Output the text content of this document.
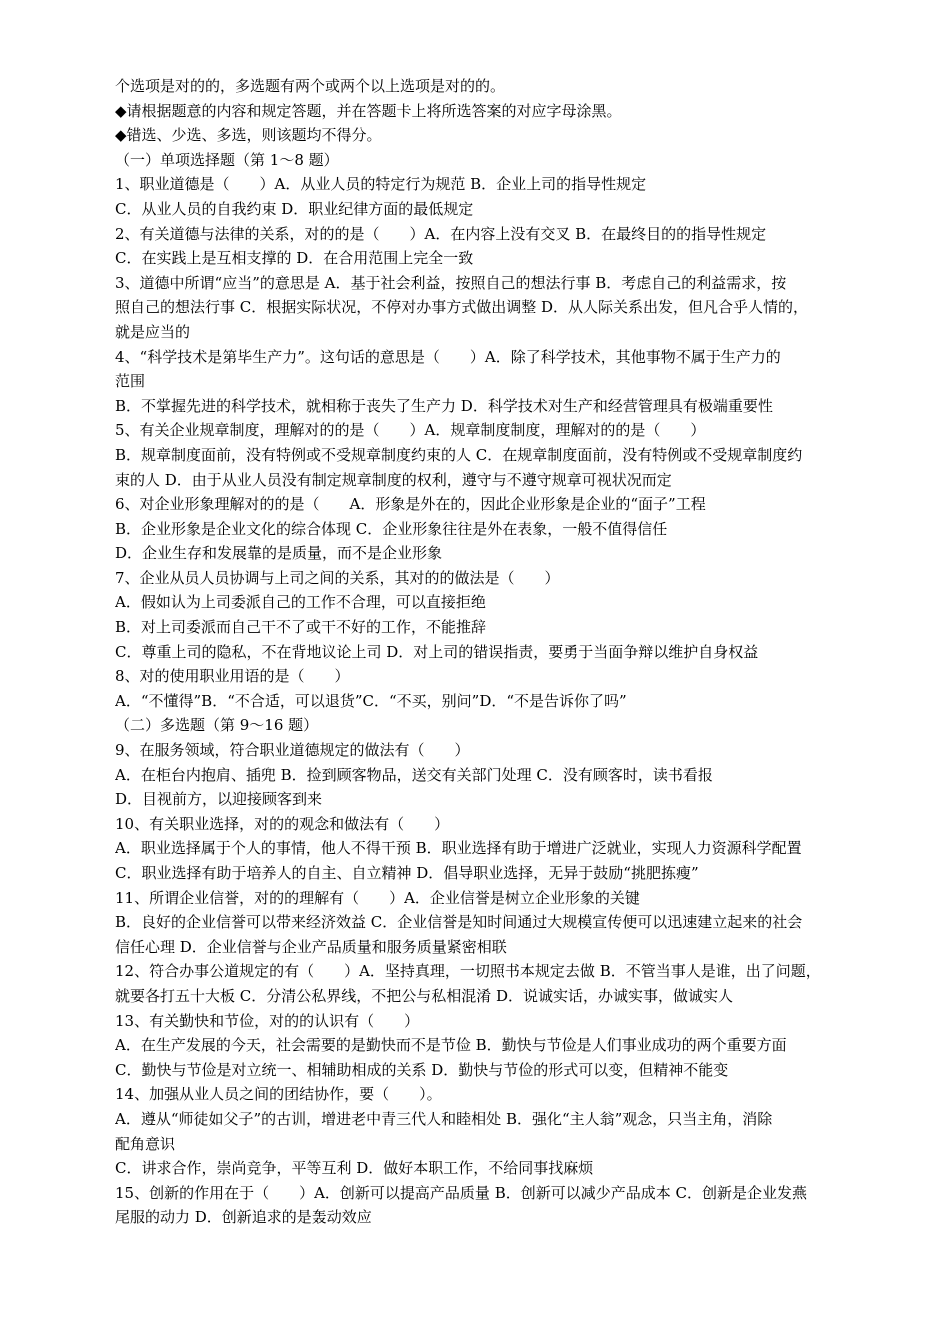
个选项是对的的，多选题有两个或两个以上选项是对的的。
◆请根据题意的内容和规定答题，并在答题卡上将所选答案的对应字母涂黑。
◆错选、少选、多选，则该题均不得分。
（一）单项选择题（第 1～8 题）
1、职业道德是（　　）A．从业人员的特定行为规范 B．企业上司的指导性规定
C．从业人员的自我约束 D．职业纪律方面的最低规定
2、有关道德与法律的关系，对的的是（　　）A．在内容上没有交叉 B．在最终目的的指导性规定
C．在实践上是互相支撑的 D．在合用范围上完全一致
3、道德中所谓“应当”的意思是 A．基于社会利益，按照自己的想法行事 B．考虑自己的利益需求，按
照自己的想法行事 C．根据实际状况，不停对办事方式做出调整 D．从人际关系出发，但凡合乎人情的，
就是应当的
4、“科学技术是第毕生产力”。这句话的意思是（　　）A．除了科学技术，其他事物不属于生产力的
范围
B．不掌握先进的科学技术，就相称于丧失了生产力 D．科学技术对生产和经营管理具有极端重要性
5、有关企业规章制度，理解对的的是（　　）A．规章制度制度，理解对的的是（　　）
B．规章制度面前，没有特例或不受规章制度约束的人 C．在规章制度面前，没有特例或不受规章制度约
束的人 D．由于从业人员没有制定规章制度的权利，遵守与不遵守规章可视状况而定
6、对企业形象理解对的的是（　　A．形象是外在的，因此企业形象是企业的“面子”工程
B．企业形象是企业文化的综合体现 C．企业形象往往是外在表象，一般不值得信任
D．企业生存和发展靠的是质量，而不是企业形象
7、企业从员人员协调与上司之间的关系，其对的的做法是（　　）
A．假如认为上司委派自己的工作不合理，可以直接拒绝
B．对上司委派而自己干不了或干不好的工作，不能推辞
C．尊重上司的隐私，不在背地议论上司 D．对上司的错误指责，要勇于当面争辩以维护自身权益
8、对的使用职业用语的是（　　）
A．“不懂得”B．“不合适，可以退货”C．“不买，别问”D．“不是告诉你了吗”
（二）多选题（第 9～16 题）
9、在服务领域，符合职业道德规定的做法有（　　）
A．在柜台内抱肩、插兜 B．捡到顾客物品，送交有关部门处理 C．没有顾客时，读书看报
D．目视前方，以迎接顾客到来
10、有关职业选择，对的的观念和做法有（　　）
A．职业选择属于个人的事情，他人不得干预 B．职业选择有助于增进广泛就业，实现人力资源科学配置
C．职业选择有助于培养人的自主、自立精神 D．倡导职业选择，无异于鼓励“挑肥拣瘦”
11、所谓企业信誉，对的的理解有（　　）A．企业信誉是树立企业形象的关键
B．良好的企业信誉可以带来经济效益 C．企业信誉是知时间通过大规模宣传便可以迅速建立起来的社会
信任心理 D．企业信誉与企业产品质量和服务质量紧密相联
12、符合办事公道规定的有（　　）A．坚持真理，一切照书本规定去做 B．不管当事人是谁，出了问题，
就要各打五十大板 C．分清公私界线，不把公与私相混淆 D．说诚实话，办诚实事，做诚实人
13、有关勤快和节俭，对的的认识有（　　）
A．在生产发展的今天，社会需要的是勤快而不是节俭 B．勤快与节俭是人们事业成功的两个重要方面
C．勤快与节俭是对立统一、相辅助相成的关系 D．勤快与节俭的形式可以变，但精神不能变
14、加强从业人员之间的团结协作，要（　　）。
A．遵从“师徒如父子”的古训，增进老中青三代人和睦相处 B．强化“主人翁”观念，只当主角，消除
配角意识
C．讲求合作，崇尚竞争，平等互利 D．做好本职工作，不给同事找麻烦
15、创新的作用在于（　　）A．创新可以提高产品质量 B．创新可以减少产品成本 C．创新是企业发燕
尾服的动力 D．创新追求的是轰动效应
